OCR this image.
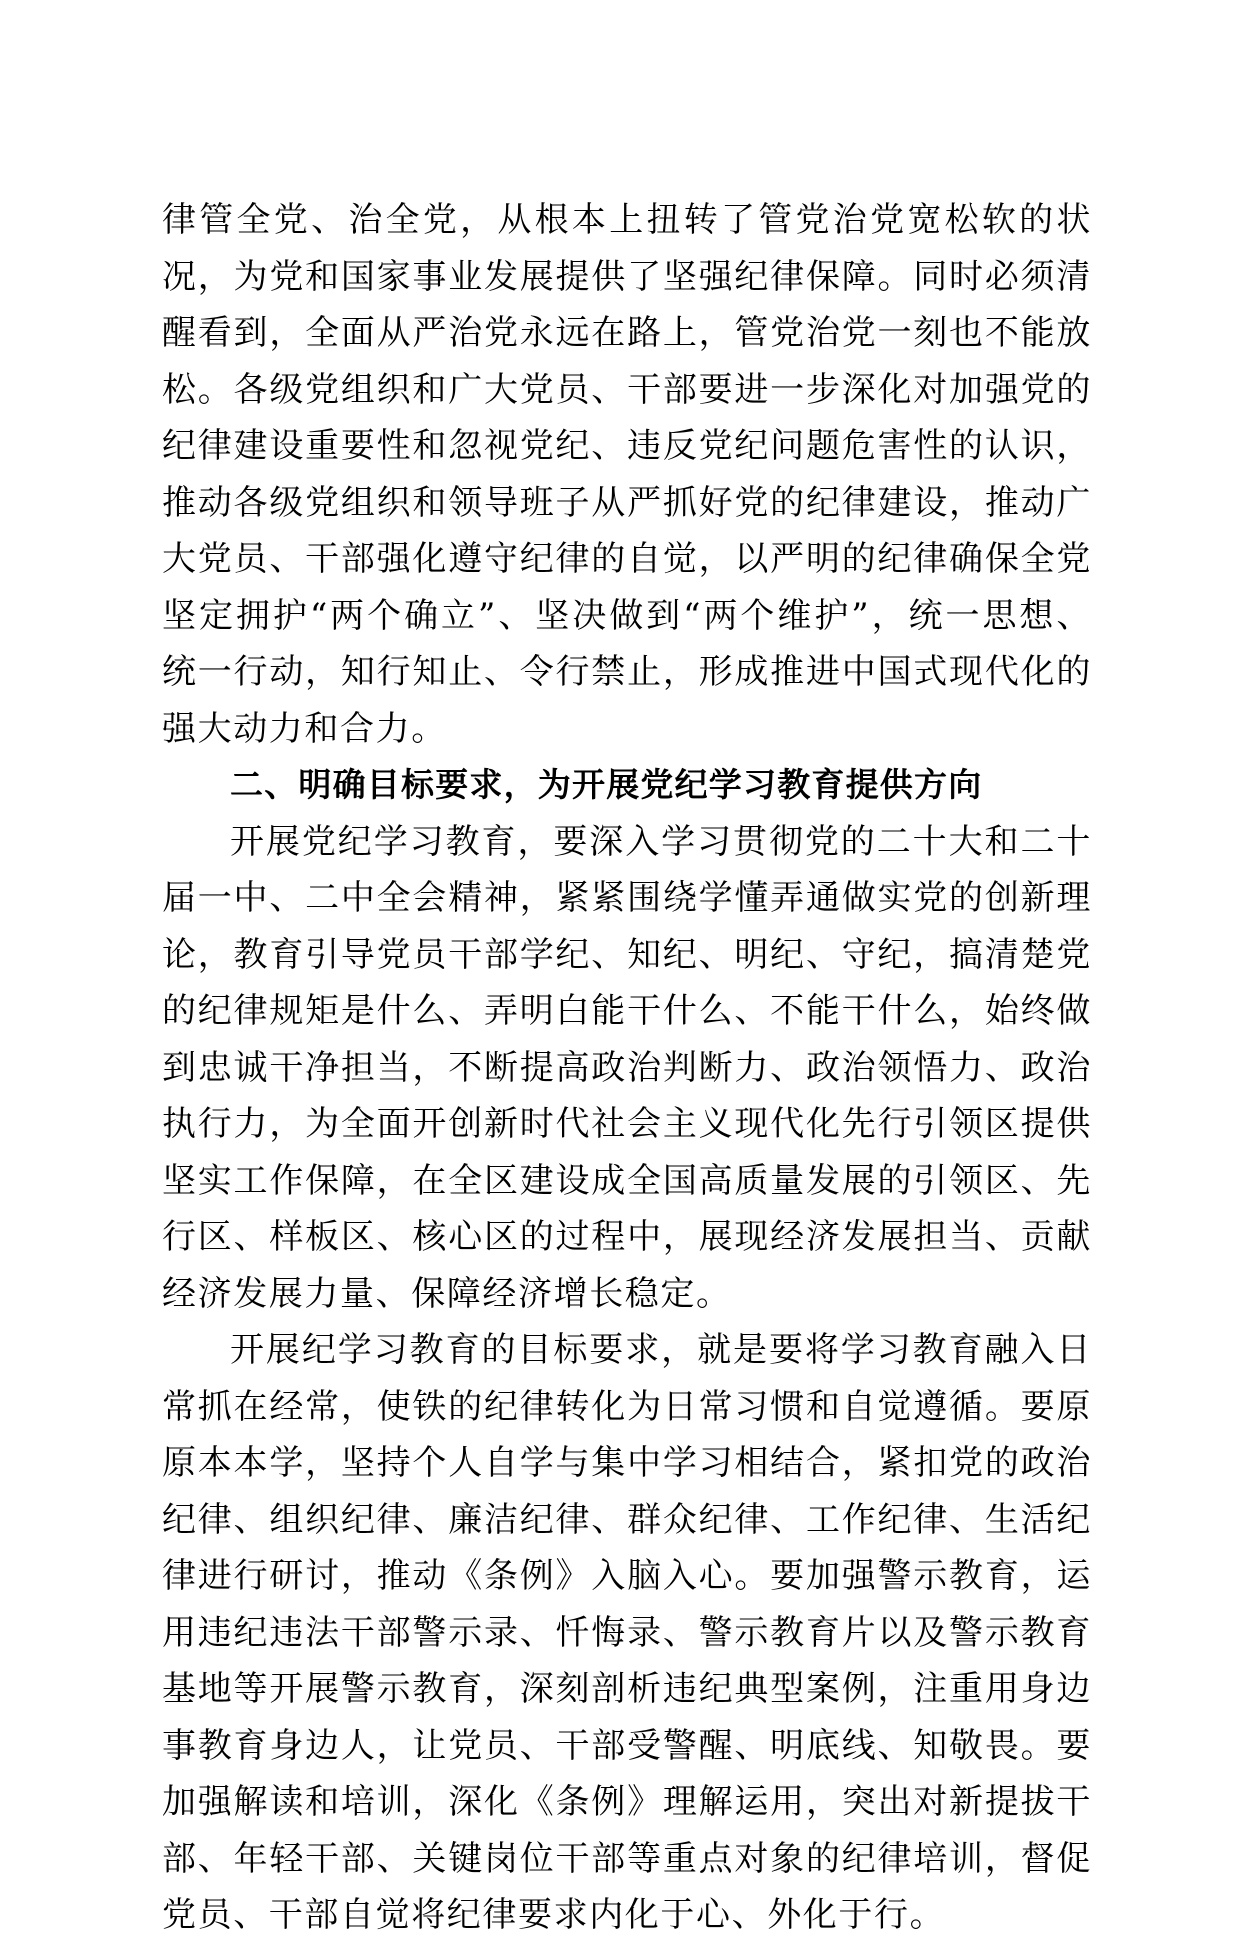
律管全党、治全党，从根本上扭转了管党治党宽松软的状况，为党和国家事业发展提供了坚强纪律保障。同时必须清醒看到，全面从严治党永远在路上，管党治党一刻也不能放松。各级党组织和广大党员、干部要进一步深化对加强党的纪律建设重要性和忽视党纪、违反党纪问题危害性的认识，推动各级党组织和领导班子从严抓好党的纪律建设，推动广大党员、干部强化遵守纪律的自觉，以严明的纪律确保全党坚定拥护“两个确立”、坚决做到“两个维护”，统一思想、统一行动，知行知止、令行禁止，形成推进中国式现代化的强大动力和合力。

二、明确目标要求，为开展党纪学习教育提供方向

开展党纪学习教育，要深入学习贯彻党的二十大和二十届一中、二中全会精神，紧紧围绕学懂弄通做实党的创新理论，教育引导党员干部学纪、知纪、明纪、守纪，搞清楚党的纪律规矩是什么、弄明白能干什么、不能干什么，始终做到忠诚干净担当，不断提高政治判断力、政治领悟力、政治执行力，为全面开创新时代社会主义现代化先行引领区提供坚实工作保障，在全区建设成全国高质量发展的引领区、先行区、样板区、核心区的过程中，展现经济发展担当、贡献经济发展力量、保障经济增长稳定。

开展纪学习教育的目标要求，就是要将学习教育融入日常抓在经常，使铁的纪律转化为日常习惯和自觉遵循。要原原本本学，坚持个人自学与集中学习相结合，紧扣党的政治纪律、组织纪律、廉洁纪律、群众纪律、工作纪律、生活纪律进行研讨，推动《条例》入脑入心。要加强警示教育，运用违纪违法干部警示录、忏悔录、警示教育片以及警示教育基地等开展警示教育，深刻剖析违纪典型案例，注重用身边事教育身边人，让党员、干部受警醒、明底线、知敬畏。要加强解读和培训，深化《条例》理解运用，突出对新提拔干部、年轻干部、关键岗位干部等重点对象的纪律培训，督促党员、干部自觉将纪律要求内化于心、外化于行。
